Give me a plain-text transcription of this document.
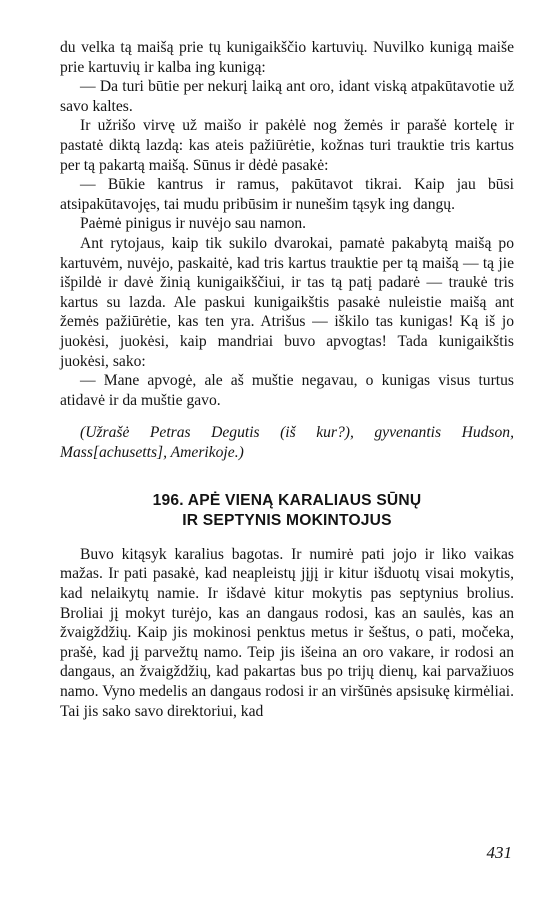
du velka tą maišą prie tų kunigaikščio kartuvių. Nuvilko kunigą maiše prie kartuvių ir kalba ing kunigą:

— Da turi būtie per nekurį laiką ant oro, idant viską atpakūtavotie už savo kaltes.

Ir užrišo virvę už maišo ir pakėlė nog žemės ir parašė kortelę ir pastatė diktą lazdą: kas ateis pažiūrėtie, kožnas turi trauktie tris kartus per tą pakartą maišą. Sūnus ir dėdė pasakė:

— Būkie kantrus ir ramus, pakūtavot tikrai. Kaip jau būsi atsipakūtavojęs, tai mudu pribūsim ir nunešim tąsyk ing dangų.

Paėmė pinigus ir nuvėjo sau namon.

Ant rytojaus, kaip tik sukilo dvarokai, pamatė pakabytą maišą po kartuvėm, nuvėjo, paskaitė, kad tris kartus trauktie per tą maišą — tą jie išpildė ir davė žinią kunigaikščiui, ir tas tą patį padarė — traukė tris kartus su lazda. Ale paskui kunigaikštis pasakė nuleistie maišą ant žemės pažiūrėtie, kas ten yra. Atrišus — iškilo tas kunigas! Ką iš jo juokėsi, juokėsi, kaip mandriai buvo apvogtas! Tada kunigaikštis juokėsi, sako:

— Mane apvogė, ale aš muštie negavau, o kunigas visus turtus atidavė ir da muštie gavo.

(Užrašė Petras Degutis (iš kur?), gyvenantis Hudson, Mass[achusetts], Amerikoje.)

196. APĖ VIENĄ KARALIAUS SŪNŲ
IR SEPTYNIS MOKINTOJUS

Buvo kitąsyk karalius bagotas. Ir numirė pati jojo ir liko vaikas mažas. Ir pati pasakė, kad neapleistų jįjį ir kitur išduotų visai mokytis, kad nelaikytų namie. Ir išdavė kitur mokytis pas septynius brolius. Broliai jį mokyt turėjo, kas an dangaus rodosi, kas an saulės, kas an žvaigždžių. Kaip jis mokinosi penktus metus ir šeštus, o pati, močeka, prašė, kad jį parvežtų namo. Teip jis išeina an oro vakare, ir rodosi an dangaus, an žvaigždžių, kad pakartas bus po trijų dienų, kai parvažiuos namo. Vyno medelis an dangaus rodosi ir an viršūnės apsisukę kirmėliai. Tai jis sako savo direktoriui, kad

431
